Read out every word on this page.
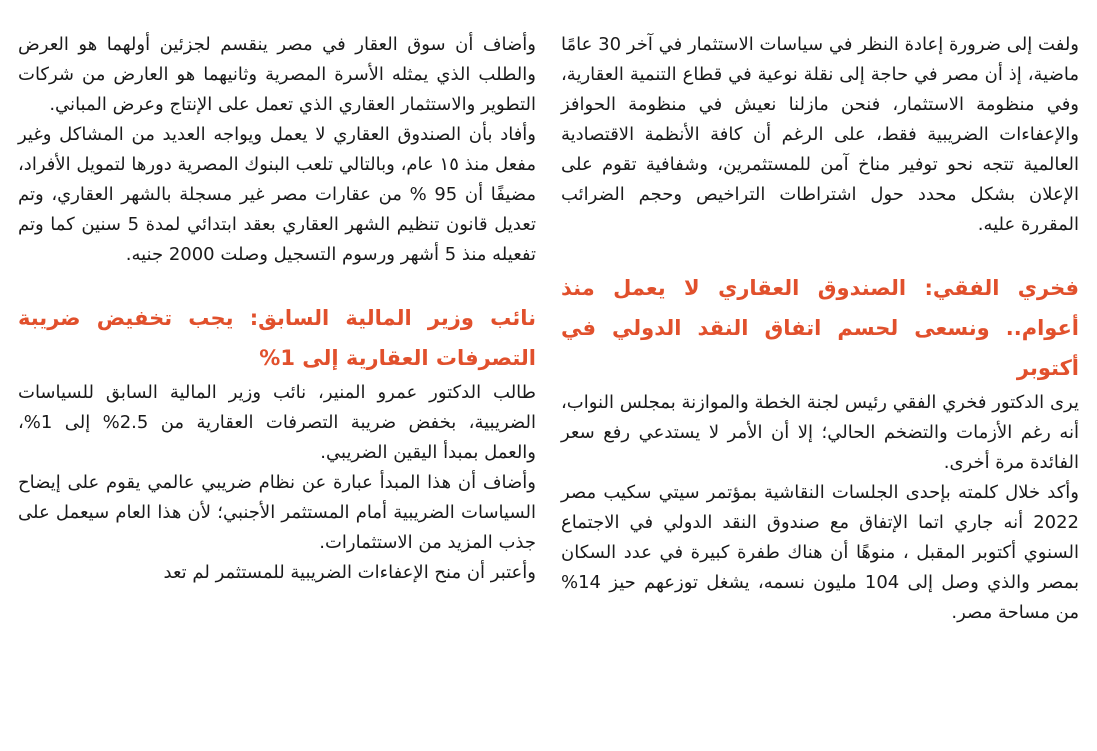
ولفت إلى ضرورة إعادة النظر في سياسات الاستثمار في آخر 30 عامًا ماضية، إذ أن مصر في حاجة إلى نقلة نوعية في قطاع التنمية العقارية، وفي منظومة الاستثمار، فنحن مازلنا نعيش في منظومة الحوافز والإعفاءات الضريبية فقط، على الرغم أن كافة الأنظمة الاقتصادية العالمية تتجه نحو توفير مناخ آمن للمستثمرين، وشفافية تقوم على الإعلان بشكل محدد حول اشتراطات التراخيص وحجم الضرائب المقررة عليه.

فخري الفقي: الصندوق العقاري لا يعمل منذ أعوام.. ونسعى لحسم اتفاق النقد الدولي في أكتوبر

يرى الدكتور فخري الفقي رئيس لجنة الخطة والموازنة بمجلس النواب، أنه رغم الأزمات والتضخم الحالي؛ إلا أن الأمر لا يستدعي رفع سعر الفائدة مرة أخرى.

وأكد خلال كلمته بإحدى الجلسات النقاشية بمؤتمر سيتي سكيب مصر 2022 أنه جاري اتما الإتفاق مع صندوق النقد الدولي في الاجتماع السنوي أكتوبر المقبل ، منوهًا أن هناك طفرة كبيرة في عدد السكان بمصر والذي وصل إلى 104 مليون نسمه، يشغل توزعهم حيز 14% من مساحة مصر.

وأضاف أن سوق العقار في مصر ينقسم لجزئين أولهما هو العرض والطلب الذي يمثله الأسرة المصرية وثانيهما هو العارض من شركات التطوير والاستثمار العقاري الذي تعمل على الإنتاج وعرض المباني.

وأفاد بأن الصندوق العقاري لا يعمل ويواجه العديد من المشاكل وغير مفعل منذ ١٥ عام، وبالتالي تلعب البنوك المصرية دورها لتمويل الأفراد، مضيفًا أن 95 % من عقارات مصر غير مسجلة بالشهر العقاري، وتم تعديل قانون تنظيم الشهر العقاري بعقد ابتدائي لمدة 5 سنين كما وتم تفعيله منذ 5 أشهر ورسوم التسجيل وصلت 2000 جنيه.

نائب وزير المالية السابق: يجب تخفيض ضريبة التصرفات العقارية إلى 1%

طالب الدكتور عمرو المنير، نائب وزير المالية السابق للسياسات الضريبية، بخفض ضريبة التصرفات العقارية من 2.5% إلى 1%، والعمل بمبدأ اليقين الضريبي.

وأضاف أن هذا المبدأ عبارة عن نظام ضريبي عالمي يقوم على إيضاح السياسات الضريبية أمام المستثمر الأجنبي؛ لأن هذا العام سيعمل على جذب المزيد من الاستثمارات.

وأعتبر أن منح الإعفاءات الضريبية للمستثمر لم تعد
